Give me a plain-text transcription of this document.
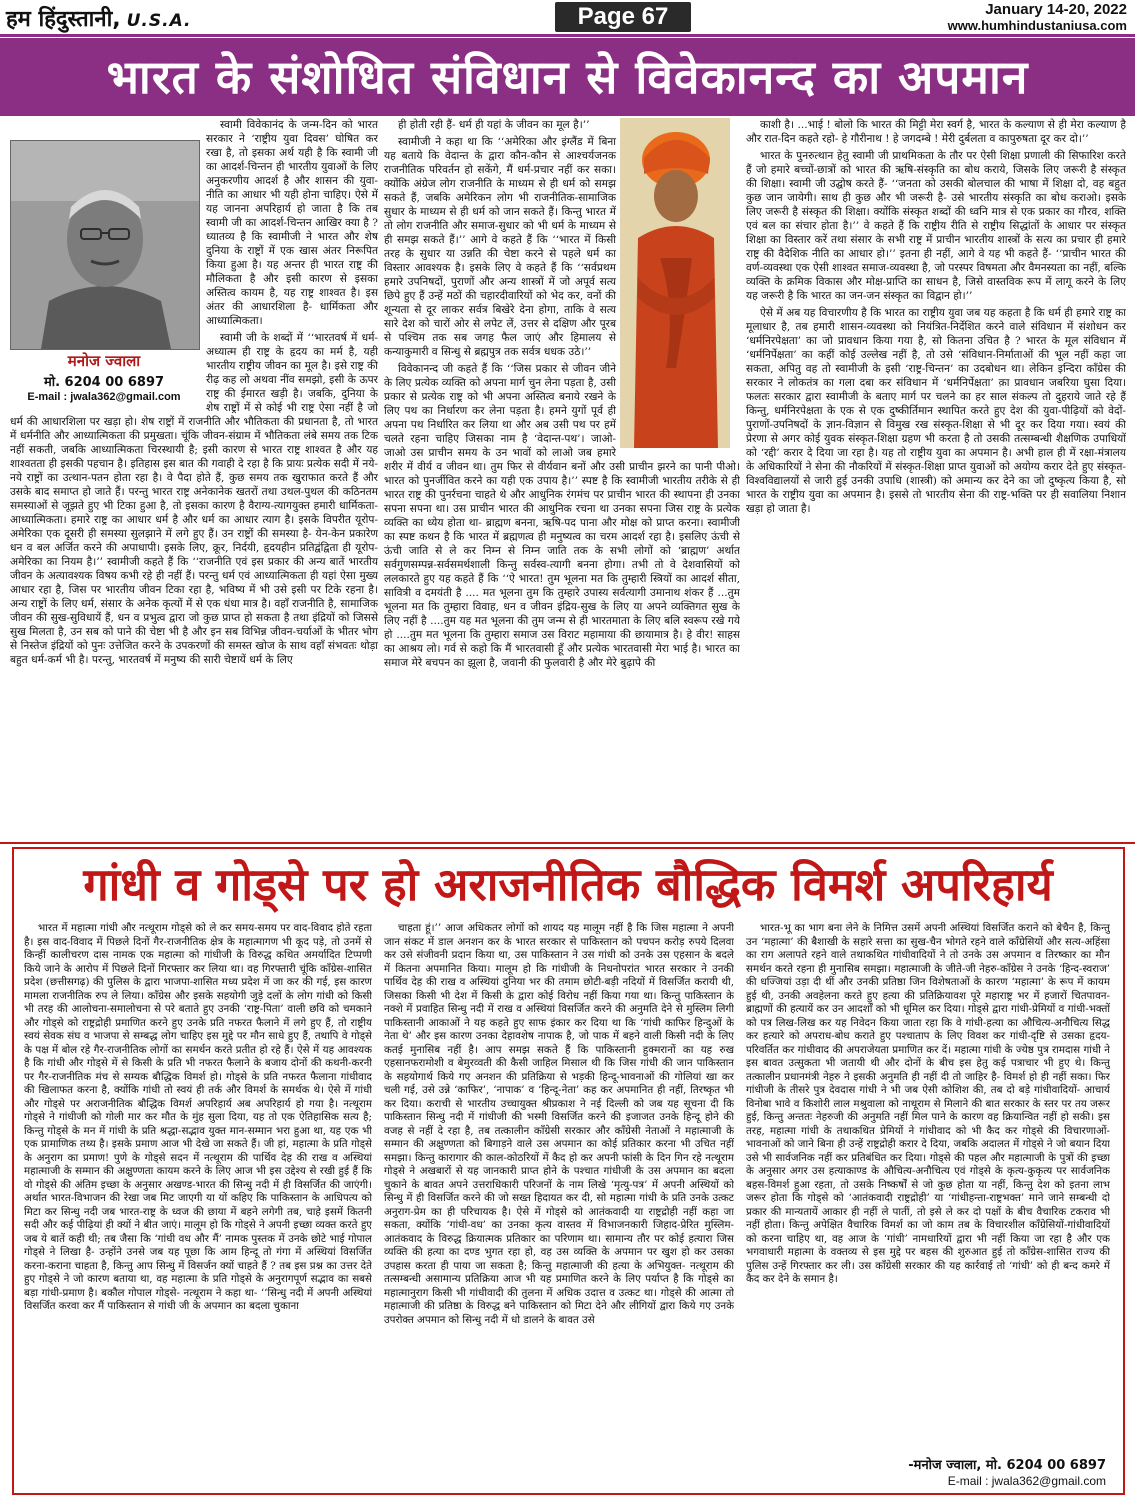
हम हिंदुस्तानी, U.S.A.	Page 67	January 14-20, 2022
www.humhindustaniusa.com
भारत के संशोधित संविधान से विवेकानन्द का अपमान
मनोज ज्वाला
मो. 6204 00 6897
E-mail : jwala362@gmail.com

स्वामी विवेकानंद के जन्म-दिन को भारत सरकार ने ‘राष्ट्रीय युवा दिवस’ घोषित कर रखा है, तो इसका अर्थ यही है कि स्वामी जी का आदर्श-चिन्तन ही भारतीय युवाओं के लिए अनुकरणीय आदर्श है और शासन की युवा-नीति का आधार भी यही होना चाहिए। ऐसे में यह जानना अपरिहार्य हो जाता है कि तब स्वामी जी का आदर्श-चिन्तन आखिर क्या है ? ध्यातव्य है कि स्वामीजी ने भारत और शेष दुनिया के राष्ट्रों में एक खास अंतर निरूपित किया हुआ है। यह अन्तर ही भारत राष्ट्र की मौलिकता है और इसी कारण से इसका अस्तित्व कायम है, यह राष्ट्र शाश्वत है। इस अंतर की आधारशिला है- धार्मिकता और आध्यात्मिकता।

स्वामी जी के शब्दों में ‘‘भारतवर्ष में धर्म-अध्यात्म ही राष्ट्र के हृदय का मर्म है, यही भारतीय राष्ट्रीय जीवन का मूल है। इसे राष्ट्र की रीढ़ कह लो अथवा नींव समझो, इसी के ऊपर राष्ट्र की ईमारत खड़ी है। जबकि, दुनिया के शेष राष्ट्रों में से कोई भी राष्ट्र ऐसा नहीं है जो धर्म की आधारशिला पर खड़ा हो। शेष राष्ट्रों में राजनीति और भौतिकता की प्रधानता है, तो भारत में धर्मनीति और आध्यात्मिकता की प्रमुखता। चूंकि जीवन-संग्राम में भौतिकता लंबे समय तक टिक नहीं सकती, जबकि आध्यात्मिकता चिरस्थायी है; इसी कारण से भारत राष्ट्र शाश्वत है और यह शाश्वतता ही इसकी पहचान है। इतिहास इस बात की गवाही दे रहा है कि प्रायः प्रत्येक सदी में नये-नये राष्ट्रों का उत्थान-पतन होता रहा है। वे पैदा होते हैं, कुछ समय तक खुराफात करते हैं और उसके बाद समाप्त हो जाते हैं। परन्तु भारत राष्ट्र अनेकानेक खतरों तथा उथल-पुथल की कठिनतम समस्याओं से जूझते हुए भी टिका हुआ है, तो इसका कारण है वैराग्य-त्यागयुक्त हमारी धार्मिकता-आध्यात्मिकता। हमारे राष्ट्र का आधार धर्म है और धर्म का आधार त्याग है। इसके विपरीत यूरोप-अमेरिका एक दूसरी ही समस्या सुलझाने में लगे हुए हैं। उन राष्ट्रों की समस्या है- येन-केन प्रकारेण धन व बल अर्जित करने की अपाधापी। इसके लिए, क्रूर, निर्दयी, हृदयहीन प्रतिद्वंद्विता ही यूरोप-अमेरिका का नियम है।’’ स्वामीजी कहते हैं कि ‘‘राजनीति एवं इस प्रकार की अन्य बातें भारतीय जीवन के अत्यावश्यक विषय कभी रहे ही नहीं हैं। परन्तु धर्म एवं आध्यात्मिकता ही यहां ऐसा मुख्य आधार रहा है, जिस पर भारतीय जीवन टिका रहा है, भविष्य में भी उसे इसी पर टिके रहना है। अन्य राष्ट्रों के लिए धर्म, संसार के अनेक कृत्यों में से एक धंधा मात्र है। वहाँ राजनीति है, सामाजिक जीवन की सुख-सुविधायें हैं, धन व प्रभुत्व द्वारा जो कुछ प्राप्त हो सकता है तथा इंद्रियों को जिससे सुख मिलता है, उन सब को पाने की चेष्टा भी है और इन सब विभिन्न जीवन-चर्याओं के भीतर भोग से निस्तेज इंद्रियों को पुनः उत्तेजित करने के उपकरणों की समस्त खोज के साथ वहाँ संभवतः थोड़ा बहुत धर्म-कर्म भी है। परन्तु, भारतवर्ष में मनुष्य की सारी चेष्टायें धर्म के लिए

ही होती रही हैं- धर्म ही यहां के जीवन का मूल है।’’

स्वामीजी ने कहा था कि ‘‘अमेरिका और इंग्लैंड में बिना यह बताये कि वेदान्त के द्वारा कौन-कौन से आश्चर्यजनक राजनीतिक परिवर्तन हो सकेंगे, मैं धर्म-प्रचार नहीं कर सका। क्योंकि अंग्रेज लोग राजनीति के माध्यम से ही धर्म को समझ सकते हैं, जबकि अमेरिकन लोग भी राजनीतिक-सामाजिक सुधार के माध्यम से ही धर्म को जान सकते हैं। किन्तु भारत में तो लोग राजनीति और समाज-सुधार को भी धर्म के माध्यम से ही समझ सकते हैं।’’ आगे वे कहते हैं कि ‘‘भारत में किसी तरह के सुधार या उन्नति की चेष्टा करने से पहले धर्म का विस्तार आवश्यक है। इसके लिए वे कहते हैं कि ‘‘सर्वप्रथम हमारे उपनिषदों, पुराणों और अन्य शास्त्रों में जो अपूर्व सत्य छिपे हुए हैं उन्हें मठों की चहारदीवारियों को भेद कर, वनों की शून्यता से दूर लाकर सर्वत्र बिखेरे देना होगा, ताकि वे सत्य सारे देश को चारों ओर से लपेट लें, उत्तर से दक्षिण और पूरब से पश्चिम तक सब जगह फैल जाएं और हिमालय से कन्याकुमारी व सिन्धु से ब्रह्मपुत्र तक सर्वत्र धधक उठे।’’

विवेकानन्द जी कहते हैं कि ‘‘जिस प्रकार से जीवन जीने के लिए प्रत्येक व्यक्ति को अपना मार्ग चुन लेना पड़ता है, उसी प्रकार से प्रत्येक राष्ट्र को भी अपना अस्तित्व बनाये रखने के लिए पथ का निर्धारण कर लेना पड़ता है। हमने युगों पूर्व ही अपना पथ निर्धारित कर लिया था और अब उसी पथ पर हमें चलते रहना चाहिए जिसका नाम है ‘वेदान्त-पथ’। जाओ-जाओ उस प्राचीन समय के उन भावों को लाओ जब हमारे शरीर में वीर्य व जीवन था। तुम फिर से वीर्यवान बनों और उसी प्राचीन झरने का पानी पीओ। भारत को पुनर्जीवित करने का यही एक उपाय है।’’ स्पष्ट है कि स्वामीजी भारतीय तरीके से ही भारत राष्ट्र की पुनर्रचना चाहते थे और आधुनिक रंगमंच पर प्राचीन भारत की स्थापना ही उनका सपना सपना था। उस प्राचीन भारत की आधुनिक रचना था उनका सपना जिस राष्ट्र के प्रत्येक व्यक्ति का ध्येय होता था- ब्राह्मण बनना, ऋषि-पद पाना और मोक्ष को प्राप्त करना। स्वामीजी का स्पष्ट कथन है कि भारत में ब्रह्मणत्व ही मनुष्यत्व का चरम आदर्श रहा है। इसलिए ऊंची से ऊंची जाति से ले कर निम्न से निम्न जाति तक के सभी लोगों को ‘ब्राह्मण’ अर्थात सर्वगुणसम्पन्न-सर्वसमर्थशाली किन्तु सर्वस्व-त्यागी बनना होगा। तभी तो वे देशवासियों को ललकारते हुए यह कहते हैं कि ‘‘ऐ भारत! तुम भूलना मत कि तुम्हारी स्त्रियों का आदर्श सीता, सावित्री व दमयंती है .... मत भूलना तुम कि तुम्हारे उपास्य सर्वत्यागी उमानाथ शंकर हैं ...तुम भूलना मत कि तुम्हारा विवाह, धन व जीवन इंद्रिय-सुख के लिए या अपने व्यक्तिगत सुख के लिए नहीं है ....तुम यह मत भूलना की तुम जन्म से ही भारतमाता के लिए बलि स्वरूप रखे गये हो ....तुम मत भूलना कि तुम्हारा समाज उस विराट महामाया की छायामात्र है। हे वीर! साहस का आश्रय लो। गर्व से कहो कि मैं भारतवासी हूँ और प्रत्येक भारतवासी मेरा भाई है। भारत का समाज मेरे बचपन का झूला है, जवानी की फुलवारी है और मेरे बुढ़ापे की

काशी है। ...भाई ! बोलो कि भारत की मिट्टी मेरा स्वर्ग है, भारत के कल्याण से ही मेरा कल्याण है और रात-दिन कहते रहो- हे गौरीनाथ ! हे जगदम्बे ! मेरी दुर्बलता व कापुरुषता दूर कर दो।’’

भारत के पुनरुत्थान हेतु स्वामी जी प्राथमिकता के तौर पर ऐसी शिक्षा प्रणाली की सिफारिश करते हैं जो हमारे बच्चों-छात्रों को भारत की ऋषि-संस्कृति का बोध कराये, जिसके लिए जरूरी है संस्कृत की शिक्षा। स्वामी जी उद्घोष करते हैं- ‘‘जनता को उसकी बोलचाल की भाषा में शिक्षा दो, वह बहुत कुछ जान जायेगी। साथ ही कुछ और भी जरूरी है- उसे भारतीय संस्कृति का बोध कराओ। इसके लिए जरूरी है संस्कृत की शिक्षा। क्योंकि संस्कृत शब्दों की ध्वनि मात्र से एक प्रकार का गौरव, शक्ति एवं बल का संचार होता है।’’ वे कहते हैं कि राष्ट्रीय रीति से राष्ट्रीय सिद्धांतों के आधार पर संस्कृत शिक्षा का विस्तार करें तथा संसार के सभी राष्ट्र में प्राचीन भारतीय शास्त्रों के सत्य का प्रचार ही हमारे राष्ट्र की वैदेशिक नीति का आधार हो।’’ इतना ही नहीं, आगे वे यह भी कहते हैं- ‘‘प्राचीन भारत की वर्ण-व्यवस्था एक ऐसी शाश्वत समाज-व्यवस्था है, जो परस्पर विषमता और वैमनस्यता का नहीं, बल्कि व्यक्ति के क्रमिक विकास और मोक्ष-प्राप्ति का साधन है, जिसे वास्तविक रूप में लागू करने के लिए यह जरूरी है कि भारत का जन-जन संस्कृत का विद्वान हो।’’

ऐसे में अब यह विचारणीय है कि भारत का राष्ट्रीय युवा जब यह कहता है कि धर्म ही हमारे राष्ट्र का मूलाधार है, तब हमारी शासन-व्यवस्था को नियंत्रित-निर्देशित करने वाले संविधान में संशोधन कर ‘धर्मनिरपेक्षता’ का जो प्रावधान किया गया है, सो कितना उचित है ? भारत के मूल संविधान में ‘धर्मनिर्पेक्षता’ का कहीं कोई उल्लेख नहीं है, तो उसे ‘संविधान-निर्माताओं की भूल नहीं कहा जा सकता, अपितु वह तो स्वामीजी के इसी ‘राष्ट्र-चिन्तन’ का उदबोधन था। लेकिन इन्दिरा काँग्रेस की सरकार ने लोकतंत्र का गला दबा कर संविधान में ‘धर्मनिर्पेक्षता’ क़ा प्रावधान जबरिया घुसा दिया। फलतः सरकार द्वारा स्वामीजी के बताए मार्ग पर चलने का हर साल संकल्प तो दुहराये जाते रहे हैं किन्तु, धर्मनिरपेक्षता के एक से एक दुष्कीर्तिमान स्थापित करते हुए देश की युवा-पीढ़ियों को वेदों-पुराणों-उपनिषदों के ज्ञान-विज्ञान से विमुख रख संस्कृत-शिक्षा से भी दूर कर दिया गया। स्वयं की प्रेरणा से अगर कोई युवक संस्कृत-शिक्षा ग्रहण भी करता है तो उसकी तत्सम्बन्धी शैक्षणिक उपाधियों को ‘रद्दी’ करार दे दिया जा रहा है। यह तो राष्ट्रीय युवा का अपमान है। अभी हाल ही में रक्षा-मंत्रालय के अधिकारियों ने सेना की नौकरियों में संस्कृत-शिक्षा प्राप्त युवाओं को अयोग्य करार देते हुए संस्कृत-विश्वविद्यालयों से जारी हुई उनकी उपाधि (शास्त्री) को अमान्य कर देने का जो दुष्कृत्य किया है, सो भारत के राष्ट्रीय युवा का अपमान है। इससे तो भारतीय सेना की राष्ट्र-भक्ति पर ही सवालिया निशान खड़ा हो जाता है।

गांधी व गोड्से पर हो अराजनीतिक बौद्धिक विमर्श अपरिहार्य

भारत में महात्मा गांधी और नत्थूराम गोड्से को ले कर समय-समय पर वाद-विवाद होते रहता है। इस वाद-विवाद में पिछले दिनों गैर-राजनीतिक क्षेत्र के महात्मागण भी कूद पड़े, तो उनमें से किन्हीं कालीचरण दास नामक एक महात्मा को गांधीजी के विरुद्ध कथित अमर्यादित टिप्पणी किये जाने के आरोप में पिछले दिनों गिरफ्तार कर लिया था। वह गिरफ्तारी चूंकि काँग्रेस-शासित प्रदेश (छत्तीसगढ़) की पुलिस के द्वारा भाजपा-शासित मध्य प्रदेश में जा कर की गई, इस कारण मामला राजनीतिक रुप ले लिया। काँग्रेस और इसके सहयोगी जुड़े दलों के लोग गांधी को किसी भी तरह की आलोचना-समालोचना से परे बताते हुए उनकी ‘राष्ट्र-पिता’ वाली छवि को चमकाने और गोड्से को राष्ट्रद्रोही प्रमाणित करने हुए उनके प्रति नफरत फैलाने में लगे हुए हैं, तो राष्ट्रीय स्वयं सेवक संघ व भाजपा से सम्बद्ध लोग चाहिए इस मुद्दे पर मौन साधे हुए हैं, तथापि वे गोड्से के पक्ष में बोल रहे गैर-राजनीतिक लोगों का समर्थन करते प्रतीत हो रहे हैं। ऐसे में यह आवश्यक है कि गांधी और गोड्से में से किसी के प्रति भी नफरत फैलाने के बजाय दोनों की कथनी-करनी पर गैर-राजनीतिक मंच से सम्यक बौद्धिक विमर्श हो। गोड्से के प्रति नफरत फैलाना गांधीवाद की खिलाफत करना है, क्योंकि गांधी तो स्वयं ही तर्क और विमर्श के समर्थक थे। ऐसे में गांधी और गोड्से पर अराजनीतिक बौद्धिक विमर्श अपरिहार्य अब अपरिहार्य हो गया है। नत्थूराम गोड्से ने गांधीजी को गोली मार कर मौत के मुंह सुला दिया, यह तो एक ऐतिहासिक सत्य है; किन्तु गोड्से के मन में गांधी के प्रति श्रद्धा-सद्भाव युक्त मान-सम्मान भरा हुआ था, यह एक भी एक प्रामाणिक तथ्य है। इसके प्रमाण आज भी देखे जा सकते हैं। जी हां, महात्मा के प्रति गोड्से के अनुराग का प्रमाण! पुणे के गोड्से सदन में नत्थूराम की पार्थिव देह की राख व अस्थियां महात्माजी के सम्मान की अक्षुण्णता कायम करने के लिए आज भी इस उद्देश्य से रखी हुई हैं कि वो गोड्से की अंतिम इच्छा के अनुसार अखण्ड-भारत की सिन्धु नदी में ही विसर्जित की जाएंगी। अर्थात भारत-विभाजन की रेखा जब मिट जाएगी या यों कहिए कि पाकिस्तान के आधिपत्य को मिटा कर सिन्धु नदी जब भारत-राष्ट्र के ध्वज की छाया में बहने लगेगी तब, चाहे इसमें कितनी सदी और कई पीढ़ियां ही क्यों ने बीत जाएं। मालूम हो कि गोड्से ने अपनी इच्छा व्यक्त करते हुए जब ये बातें कही थी; तब जैसा कि ‘गांधी वध और मैं’ नामक पुस्तक में उनके छोटे भाई गोपाल गोड्से ने लिखा है- उन्होंने उनसे जब यह पूछा कि आम हिन्दू तो गंगा में अस्थियां विसर्जित करना-कराना चाहता है, किन्तु आप सिन्धु में विसर्जन क्यों चाहते हैं ? तब इस प्रश्न का उत्तर देते हुए गोड्से ने जो कारण बताया था, वह महात्मा के प्रति गोड्से के अनुरागपूर्ण सद्भाव का सबसे बड़ा गांधी-प्रमाण है। बकौल गोपाल गोड्से- नत्थूराम ने कहा था- ‘‘सिन्धु नदी में अपनी अस्थियां विसर्जित करवा कर मैं पाकिस्तान से गांधी जी के अपमान का बदला चुकाना

चाहता हूं।’’ आज अधिकतर लोगों को शायद यह मालूम नहीं है कि जिस महात्मा ने अपनी जान संकट में डाल अनशन कर के भारत सरकार से पाकिस्तान को पचपन करोड़ रुपये दिलवा कर उसे संजीवनी प्रदान किया था, उस पाकिस्तान ने उस गांधी को उनके उस एहसान के बदले में कितना अपमानित किया। मालूम हो कि गांधीजी के निधनोपरांत भारत सरकार ने उनकी पार्थिव देह की राख व अस्थियां दुनिया भर की तमाम छोटी-बड़ी नदियों में विसर्जित करायी थी, जिसका किसी भी देश में किसी के द्वारा कोई विरोध नहीं किया गया था। किन्तु पाकिस्तान के नक्शे में प्रवाहित सिन्धु नदी में राख व अस्थियां विसर्जित करने की अनुमति देने से मुस्लिम लिगी पाकिस्तानी आकाओं ने यह कहते हुए साफ इंकार कर दिया था कि ‘गांधी काफिर हिन्दुओं के नेता थे’ और इस कारण उनका देहावशेष नापाक है, जो पाक में बहने वाली किसी नदी के लिए कतई मुनासिब नहीं है। आप समझ सकते हैं कि पाकिस्तानी हुक्मरानों का यह रुख एहसानफरामोशी व बेमुरव्वती की कैसी जाहिल मिसाल थी कि जिस गांधी की जान पाकिस्तान के सहयोगार्थ किये गए अनशन की प्रतिक्रिया से भड़की हिन्दू-भावनाओं की गोलियां खा कर चली गई, उसे उन्ने ‘काफिर’, ‘नापाक’ व ‘हिन्दू-नेता’ कह कर अपमानित ही नहीं, तिरष्कृत भी कर दिया। कराची से भारतीय उच्चायुक्त श्रीप्रकाश ने नई दिल्ली को जब यह सूचना दी कि पाकिस्तान सिन्धु नदी में गांधीजी की भस्मी विसर्जित करने की इजाजत उनके हिन्दू होने की वजह से नहीं दे रहा है, तब तत्कालीन काँग्रेसी सरकार और काँग्रेसी नेताओं ने महात्माजी के सम्मान की अक्षुण्णता को बिगाड़ने वाले उस अपमान का कोई प्रतिकार करना भी उचित नहीं समझा। किन्तु कारागार की काल-कोठरियों में कैद हो कर अपनी फांसी के दिन गिन रहे नत्थूराम गोड्से ने अखबारों से यह जानकारी प्राप्त होने के पश्चात गांधीजी के उस अपमान का बदला चुकाने के बावत अपने उत्तराधिकारी परिजनों के नाम लिखे ‘मृत्यु-पत्र’ में अपनी अस्थियों को सिन्धु में ही विसर्जित करने की जो सख्त हिदायत कर दी, सो महात्मा गांधी के प्रति उनके उत्कट अनुराग-प्रेम का ही परिचायक है। ऐसे में गोड्से को आतंकवादी या राष्ट्रद्रोही नहीं कहा जा सकता, क्योंकि ‘गांधी-वध’ का उनका कृत्य वास्तव में विभाजनकारी जिहाद-प्रेरित मुस्लिम-आतंकवाद के विरुद्ध क्रियात्मक प्रतिकार का परिणाम था। सामान्य तौर पर कोई हत्यारा जिस व्यक्ति की हत्या का दण्ड भुगत रहा हो, वह उस व्यक्ति के अपमान पर खुश हो कर उसका उपहास करता ही पाया जा सकता है; किन्तु महात्माजी की हत्या के अभियुक्त- नत्थूराम की तत्सम्बन्धी असामान्य प्रतिक्रिया आज भी यह प्रमाणित करने के लिए पर्याप्त है कि गोड्से का महात्मानुराग किसी भी गांधीवादी की तुलना में अधिक उदात्त व उत्कट था। गोड्से की आत्मा तो महात्माजी की प्रतिष्ठा के विरुद्ध बने पाकिस्तान को मिटा देने और लीगियों द्वारा किये गए उनके उपरोक्त अपमान को सिन्धु नदी में धो डालने के बावत उसे

भारत-भू का भाग बना लेने के निमित्त उसमें अपनी अस्थियां विसर्जित कराने को बेचैन है, किन्तु उन ‘महात्मा’ की बैशाखी के सहारे सत्ता का सुख-चैन भोगते रहने वाले काँग्रेसियों और सत्य-अहिंसा का राग अलापते रहने वाले तथाकथित गांधीवादियों ने तो उनके उस अपमान व तिरष्कार का मौन समर्थन करते रहना ही मुनासिब समझा। महात्माजी के जीते-जी नेहरु-काँग्रेस ने उनके ‘हिन्द-स्वराज’ की धज्जियां उड़ा दी थीं और उनकी प्रतिष्ठा जिन विशेषताओं के कारण ‘महात्मा’ के रूप में कायम हुई थी, उनकी अवहेलना करते हुए हत्या की प्रतिक्रियावश पूरे महाराष्ट्र भर में हजारों चितपावन-ब्राह्मणों की हत्यायें कर उन आदर्शों को भी धूमिल कर दिया। गोड्से द्वारा गांधी-प्रेमियों व गांधी-भक्तों को पत्र लिख-लिख कर यह निवेदन किया जाता रहा कि वे गांधी-हत्या का औचित्य-अनौचित्य सिद्ध कर हत्यारे को अपराध-बोध कराते हुए पश्चाताप के लिए विवश कर गांधी-दृष्टि से उसका हृदय-परिवर्तित कर गांधीवाद की अपराजेयता प्रमाणित कर दें। महात्मा गांधी के ज्येष्ठ पुत्र रामदास गांधी ने इस बावत उत्सुकता भी जतायी थी और दोनों के बीच इस हेतु कई पत्राचार भी हुए थे। किन्तु तत्कालीन प्रधानमंत्री नेहरु ने इसकी अनुमति ही नहीं दी तो जाहिर है- विमर्श हो ही नहीं सका। फिर गांधीजी के तीसरे पुत्र देवदास गांधी ने भी जब ऐसी कोशिश की, तब दो बड़े गांधीवादियों- आचार्य विनोबा भावे व किशोरी लाल मश्रुवाला को नाथूराम से मिलाने की बात सरकार के स्तर पर तय जरूर हुई, किन्तु अन्ततः नेहरुजी की अनुमति नहीं मिल पाने के कारण वह क्रियान्वित नहीं हो सकी। इस तरह, महात्मा गांधी के तथाकथित प्रेमियों ने गांधीवाद को भी कैद कर गोड्से की विचारणाओं-भावनाओं को जाने बिना ही उन्हें राष्ट्रद्रोही करार दे दिया, जबकि अदालत में गोड्से ने जो बयान दिया उसे भी सार्वजनिक नहीं कर प्रतिबंधित कर दिया। गोड्से की पहल और महात्माजी के पुत्रों की इच्छा के अनुसार अगर उस हत्याकाण्ड के औचित्य-अनौचित्य एवं गोड्से के कृत्य-कुकृत्य पर सार्वजनिक बहस-विमर्श हुआ रहता, तो उसके निष्कर्षों से जो कुछ होता या नहीं, किन्तु देश को इतना लाभ जरूर होता कि गोड्से को ‘आतंकवादी राष्ट्रद्रोही’ या ‘गांधीहन्ता-राष्ट्रभक्त’ माने जाने सम्बन्धी दो प्रकार की मान्यतायें आकार ही नहीं ले पातीं, तो इसे ले कर दो पक्षों के बीच वैचारिक टकराव भी नहीं होता। किन्तु अपेक्षित वैचारिक विमर्श का जो काम तब के विचारशील काँग्रेसियों-गांधीवादियों को करना चाहिए था, वह आज के ‘गांधी’ नामधारियों द्वारा भी नहीं किया जा रहा है और एक भगवाधारी महात्मा के वक्तव्य से इस मुद्दे पर बहस की शुरुआत हुई तो काँग्रेस-शासित राज्य की पुलिस उन्हें गिरफ्तार कर ली। उस काँग्रेसी सरकार की यह कार्रवाई तो ‘गांधी’ को ही बन्द कमरे में कैद कर देने के समान है।

-मनोज ज्वाला, मो. 6204 00 6897
E-mail : jwala362@gmail.com
